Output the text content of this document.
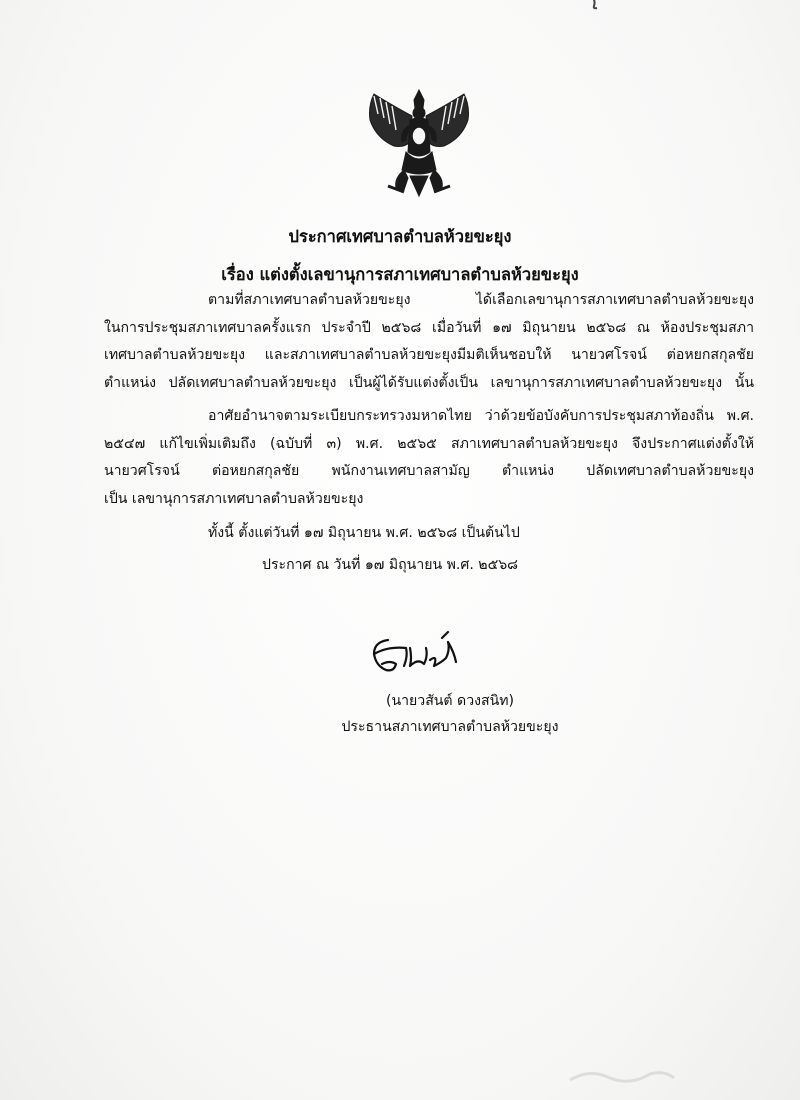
ประกาศเทศบาลตำบลห้วยขะยุง
เรื่อง แต่งตั้งเลขานุการสภาเทศบาลตำบลห้วยขะยุง
ตามที่สภาเทศบาลตำบลห้วยขะยุง ได้เลือกเลขานุการสภาเทศบาลตำบลห้วยขะยุง
ในการประชุมสภาเทศบาลครั้งแรก ประจำปี ๒๕๖๘ เมื่อวันที่ ๑๗ มิถุนายน ๒๕๖๘ ณ ห้องประชุมสภา
เทศบาลตำบลห้วยขะยุง และสภาเทศบาลตำบลห้วยขะยุงมีมติเห็นชอบให้ นายวศโรจน์ ต่อหยกสกุลชัย
ตำแหน่ง ปลัดเทศบาลตำบลห้วยขะยุง เป็นผู้ได้รับแต่งตั้งเป็น เลขานุการสภาเทศบาลตำบลห้วยขะยุง นั้น
อาศัยอำนาจตามระเบียบกระทรวงมหาดไทย ว่าด้วยข้อบังคับการประชุมสภาท้องถิ่น พ.ศ.
๒๕๔๗ แก้ไขเพิ่มเติมถึง (ฉบับที่ ๓) พ.ศ. ๒๕๖๕ สภาเทศบาลตำบลห้วยขะยุง จึงประกาศแต่งตั้งให้
นายวศโรจน์ ต่อหยกสกุลชัย พนักงานเทศบาลสามัญ ตำแหน่ง ปลัดเทศบาลตำบลห้วยขะยุง
เป็น เลขานุการสภาเทศบาลตำบลห้วยขะยุง
ทั้งนี้ ตั้งแต่วันที่ ๑๗ มิถุนายน พ.ศ. ๒๕๖๘ เป็นต้นไป
ประกาศ ณ วันที่ ๑๗ มิถุนายน พ.ศ. ๒๕๖๘
(นายวสันต์ ดวงสนิท)
ประธานสภาเทศบาลตำบลห้วยขะยุง
